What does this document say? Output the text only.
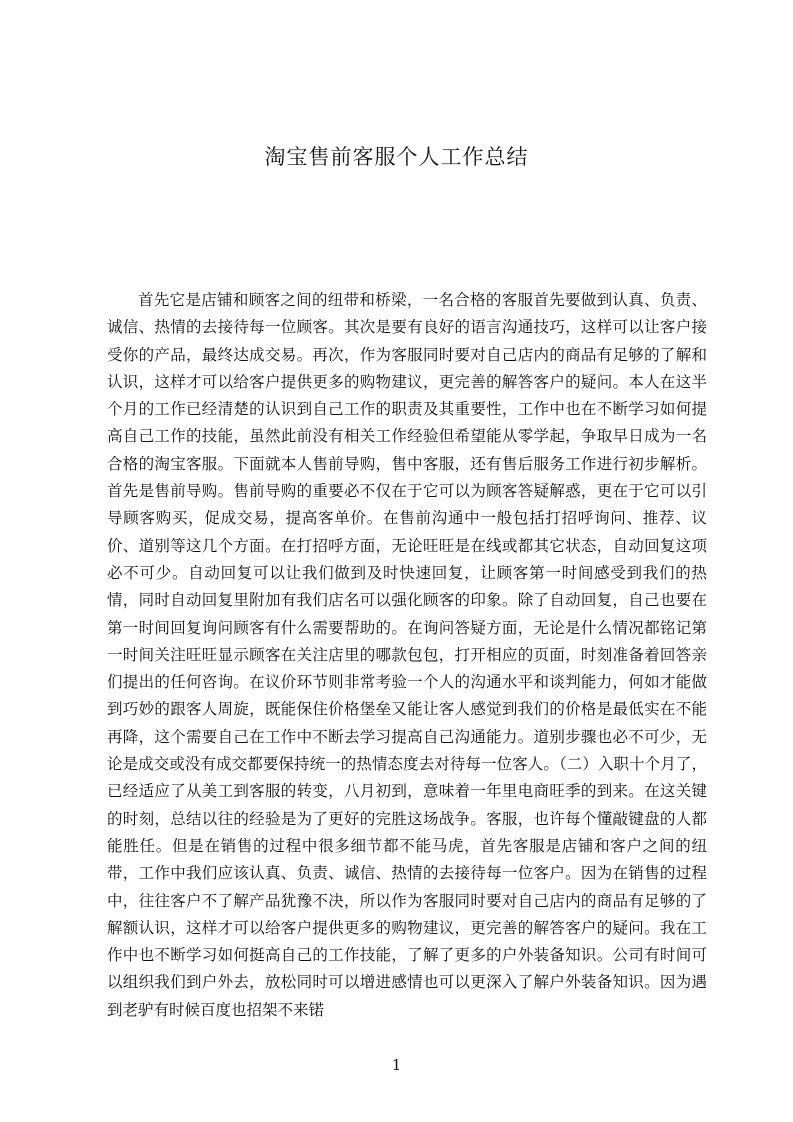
淘宝售前客服个人工作总结

首先它是店铺和顾客之间的纽带和桥梁，一名合格的客服首先要做到认真、负责、诚信、热情的去接待每一位顾客。其次是要有良好的语言沟通技巧，这样可以让客户接受你的产品，最终达成交易。再次，作为客服同时要对自己店内的商品有足够的了解和认识，这样才可以给客户提供更多的购物建议，更完善的解答客户的疑问。本人在这半个月的工作已经清楚的认识到自己工作的职责及其重要性，工作中也在不断学习如何提高自己工作的技能，虽然此前没有相关工作经验但希望能从零学起，争取早日成为一名合格的淘宝客服。下面就本人售前导购，售中客服，还有售后服务工作进行初步解析。首先是售前导购。售前导购的重要必不仅在于它可以为顾客答疑解惑，更在于它可以引导顾客购买，促成交易，提高客单价。在售前沟通中一般包括打招呼询问、推荐、议价、道别等这几个方面。在打招呼方面，无论旺旺是在线或都其它状态，自动回复这项必不可少。自动回复可以让我们做到及时快速回复，让顾客第一时间感受到我们的热情，同时自动回复里附加有我们店名可以强化顾客的印象。除了自动回复，自己也要在第一时间回复询问顾客有什么需要帮助的。在询问答疑方面，无论是什么情况都铭记第一时间关注旺旺显示顾客在关注店里的哪款包包，打开相应的页面，时刻准备着回答亲们提出的任何咨询。在议价环节则非常考验一个人的沟通水平和谈判能力，何如才能做到巧妙的跟客人周旋，既能保住价格堡垒又能让客人感觉到我们的价格是最低实在不能再降，这个需要自己在工作中不断去学习提高自己沟通能力。道别步骤也必不可少，无论是成交或没有成交都要保持统一的热情态度去对待每一位客人。（二）入职十个月了，已经适应了从美工到客服的转变，八月初到，意味着一年里电商旺季的到来。在这关键的时刻，总结以往的经验是为了更好的完胜这场战争。客服，也许每个懂敲键盘的人都能胜任。但是在销售的过程中很多细节都不能马虎，首先客服是店铺和客户之间的纽带，工作中我们应该认真、负责、诚信、热情的去接待每一位客户。因为在销售的过程中，往往客户不了解产品犹豫不决，所以作为客服同时要对自己店内的商品有足够的了解额认识，这样才可以给客户提供更多的购物建议，更完善的解答客户的疑问。我在工作中也不断学习如何挺高自己的工作技能，了解了更多的户外装备知识。公司有时间可以组织我们到户外去，放松同时可以增进感情也可以更深入了解户外装备知识。因为遇到老驴有时候百度也招架不来锘

1
